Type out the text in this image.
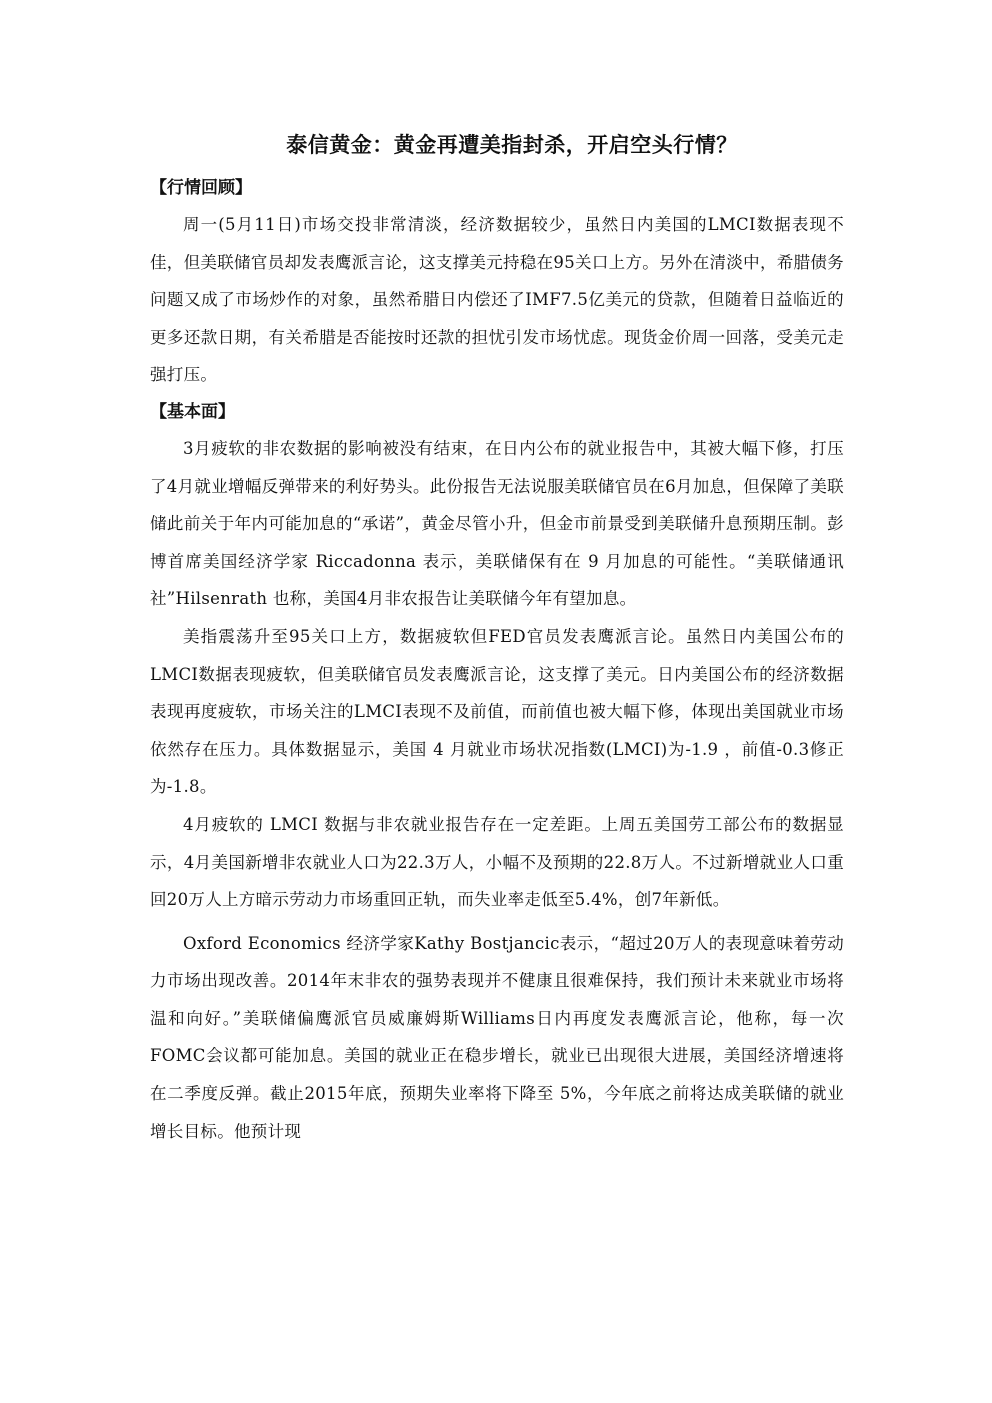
泰信黄金：黄金再遭美指封杀，开启空头行情？

【行情回顾】

周一(5月11日)市场交投非常清淡，经济数据较少，虽然日内美国的LMCI数据表现不佳，但美联储官员却发表鹰派言论，这支撑美元持稳在95关口上方。另外在清淡中，希腊债务问题又成了市场炒作的对象，虽然希腊日内偿还了IMF7.5亿美元的贷款，但随着日益临近的更多还款日期，有关希腊是否能按时还款的担忧引发市场忧虑。现货金价周一回落，受美元走强打压。

【基本面】

3月疲软的非农数据的影响被没有结束，在日内公布的就业报告中，其被大幅下修，打压了4月就业增幅反弹带来的利好势头。此份报告无法说服美联储官员在6月加息，但保障了美联储此前关于年内可能加息的“承诺”，黄金尽管小升，但金市前景受到美联储升息预期压制。彭博首席美国经济学家 Riccadonna 表示，美联储保有在 9 月加息的可能性。“美联储通讯社”Hilsenrath 也称，美国4月非农报告让美联储今年有望加息。

美指震荡升至95关口上方，数据疲软但FED官员发表鹰派言论。虽然日内美国公布的LMCI数据表现疲软，但美联储官员发表鹰派言论，这支撑了美元。日内美国公布的经济数据表现再度疲软，市场关注的LMCI表现不及前值，而前值也被大幅下修，体现出美国就业市场依然存在压力。具体数据显示，美国 4 月就业市场状况指数(LMCI)为-1.9 ，前值-0.3修正为-1.8。

4月疲软的 LMCI 数据与非农就业报告存在一定差距。上周五美国劳工部公布的数据显示，4月美国新增非农就业人口为22.3万人，小幅不及预期的22.8万人。不过新增就业人口重回20万人上方暗示劳动力市场重回正轨，而失业率走低至5.4%，创7年新低。

Oxford Economics 经济学家Kathy Bostjancic表示，“超过20万人的表现意味着劳动力市场出现改善。2014年末非农的强势表现并不健康且很难保持，我们预计未来就业市场将温和向好。”美联储偏鹰派官员威廉姆斯Williams日内再度发表鹰派言论，他称，每一次FOMC会议都可能加息。美国的就业正在稳步增长，就业已出现很大进展，美国经济增速将在二季度反弹。截止2015年底，预期失业率将下降至 5%，今年底之前将达成美联储的就业增长目标。他预计现
